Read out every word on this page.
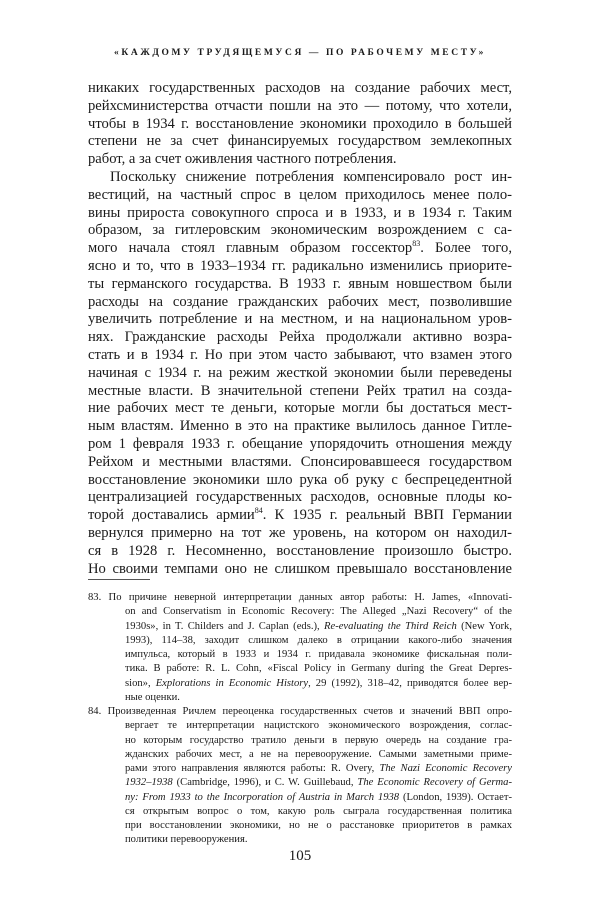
«КАЖДОМУ ТРУДЯЩЕМУСЯ — ПО РАБОЧЕМУ МЕСТУ»
никаких государственных расходов на создание рабочих мест,
рейхсминистерства отчасти пошли на это — потому, что хотели,
чтобы в 1934 г. восстановление экономики проходило в большей
степени не за счет финансируемых государством землекопных
работ, а за счет оживления частного потребления.
Поскольку снижение потребления компенсировало рост ин-
вестиций, на частный спрос в целом приходилось менее поло-
вины прироста совокупного спроса и в 1933, и в 1934 г. Таким
образом, за гитлеровским экономическим возрождением с са-
мого начала стоял главным образом госсектор$^{83}$. Более того,
ясно и то, что в 1933–1934 гг. радикально изменились приорите-
ты германского государства. В 1933 г. явным новшеством были
расходы на создание гражданских рабочих мест, позволившие
увеличить потребление и на местном, и на национальном уров-
нях. Гражданские расходы Рейха продолжали активно возра-
стать и в 1934 г. Но при этом часто забывают, что взамен этого
начиная с 1934 г. на режим жесткой экономии были переведены
местные власти. В значительной степени Рейх тратил на созда-
ние рабочих мест те деньги, которые могли бы достаться мест-
ным властям. Именно в это на практике вылилось данное Гитле-
ром 1 февраля 1933 г. обещание упорядочить отношения между
Рейхом и местными властями. Спонсировавшееся государством
восстановление экономики шло рука об руку с беспрецедентной
централизацией государственных расходов, основные плоды ко-
торой доставались армии$^{84}$. К 1935 г. реальный ВВП Германии
вернулся примерно на тот же уровень, на котором он находил-
ся в 1928 г. Несомненно, восстановление произошло быстро.
Но своими темпами оно не слишком превышало восстановление
83. По причине неверной интерпретации данных автор работы: H. James, «Innovati-
on and Conservatism in Economic Recovery: The Alleged „Nazi Recovery“ of the
1930s», in T. Childers and J. Caplan (eds.), Re-evaluating the Third Reich (New York,
1993), 114–38, заходит слишком далеко в отрицании какого-либо значения
импульса, который в 1933 и 1934 г. придавала экономике фискальная поли-
тика. В работе: R. L. Cohn, «Fiscal Policy in Germany during the Great Depres-
sion», Explorations in Economic History, 29 (1992), 318–42, приводятся более вер-
ные оценки.
84. Произведенная Ричлем переоценка государственных счетов и значений ВВП опро-
вергает те интерпретации нацистского экономического возрождения, соглас-
но которым государство тратило деньги в первую очередь на создание гра-
жданских рабочих мест, а не на перевооружение. Самыми заметными приме-
рами этого направления являются работы: R. Overy, The Nazi Economic Recovery
1932–1938 (Cambridge, 1996), и C. W. Guillebaud, The Economic Recovery of Germa-
ny: From 1933 to the Incorporation of Austria in March 1938 (London, 1939). Остает-
ся открытым вопрос о том, какую роль сыграла государственная политика
при восстановлении экономики, но не о расстановке приоритетов в рамках
политики перевооружения.
105
